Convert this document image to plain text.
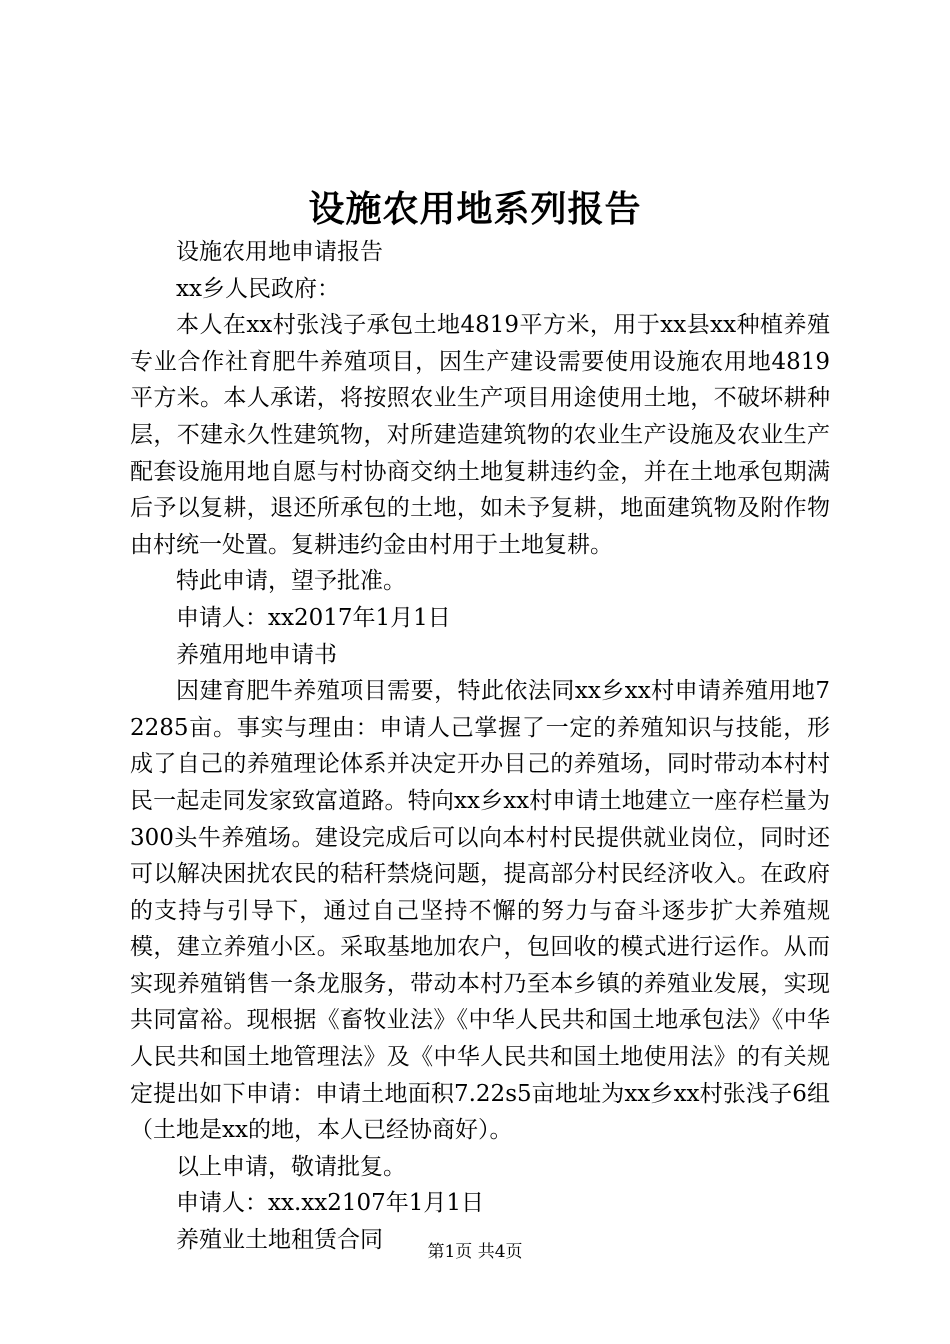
设施农用地系列报告

设施农用地申请报告

xx乡人民政府：

本人在xx村张浅子承包土地4819平方米，用于xx县xx种植养殖专业合作社育肥牛养殖项目，因生产建设需要使用设施农用地4819平方米。本人承诺，将按照农业生产项目用途使用土地，不破坏耕种层，不建永久性建筑物，对所建造建筑物的农业生产设施及农业生产配套设施用地自愿与村协商交纳土地复耕违约金，并在土地承包期满后予以复耕，退还所承包的土地，如未予复耕，地面建筑物及附作物由村统一处置。复耕违约金由村用于土地复耕。

特此申请，望予批准。

申请人：xx2017年1月1日

养殖用地申请书

因建育肥牛养殖项目需要，特此依法同xx乡xx村申请养殖用地72285亩。事实与理由：申请人己掌握了一定的养殖知识与技能，形成了自己的养殖理论体系并决定开办目己的养殖场，同时带动本村村民一起走同发家致富道路。特向xx乡xx村申请土地建立一座存栏量为300头牛养殖场。建设完成后可以向本村村民提供就业岗位，同时还可以解决困扰农民的秸秆禁烧问题，提高部分村民经济收入。在政府的支持与引导下，通过自己坚持不懈的努力与奋斗逐步扩大养殖规模，建立养殖小区。采取基地加农户，包回收的模式进行运作。从而实现养殖销售一条龙服务，带动本村乃至本乡镇的养殖业发展，实现共同富裕。现根据《畜牧业法》《中华人民共和国土地承包法》《中华人民共和国土地管理法》及《中华人民共和国土地使用法》的有关规定提出如下申请：申请土地面积7.22s5亩地址为xx乡xx村张浅子6组（土地是xx的地，本人已经协商好）。

以上申请，敬请批复。

申请人：xx.xx2107年1月1日

养殖业土地租赁合同	第1页 共4页
